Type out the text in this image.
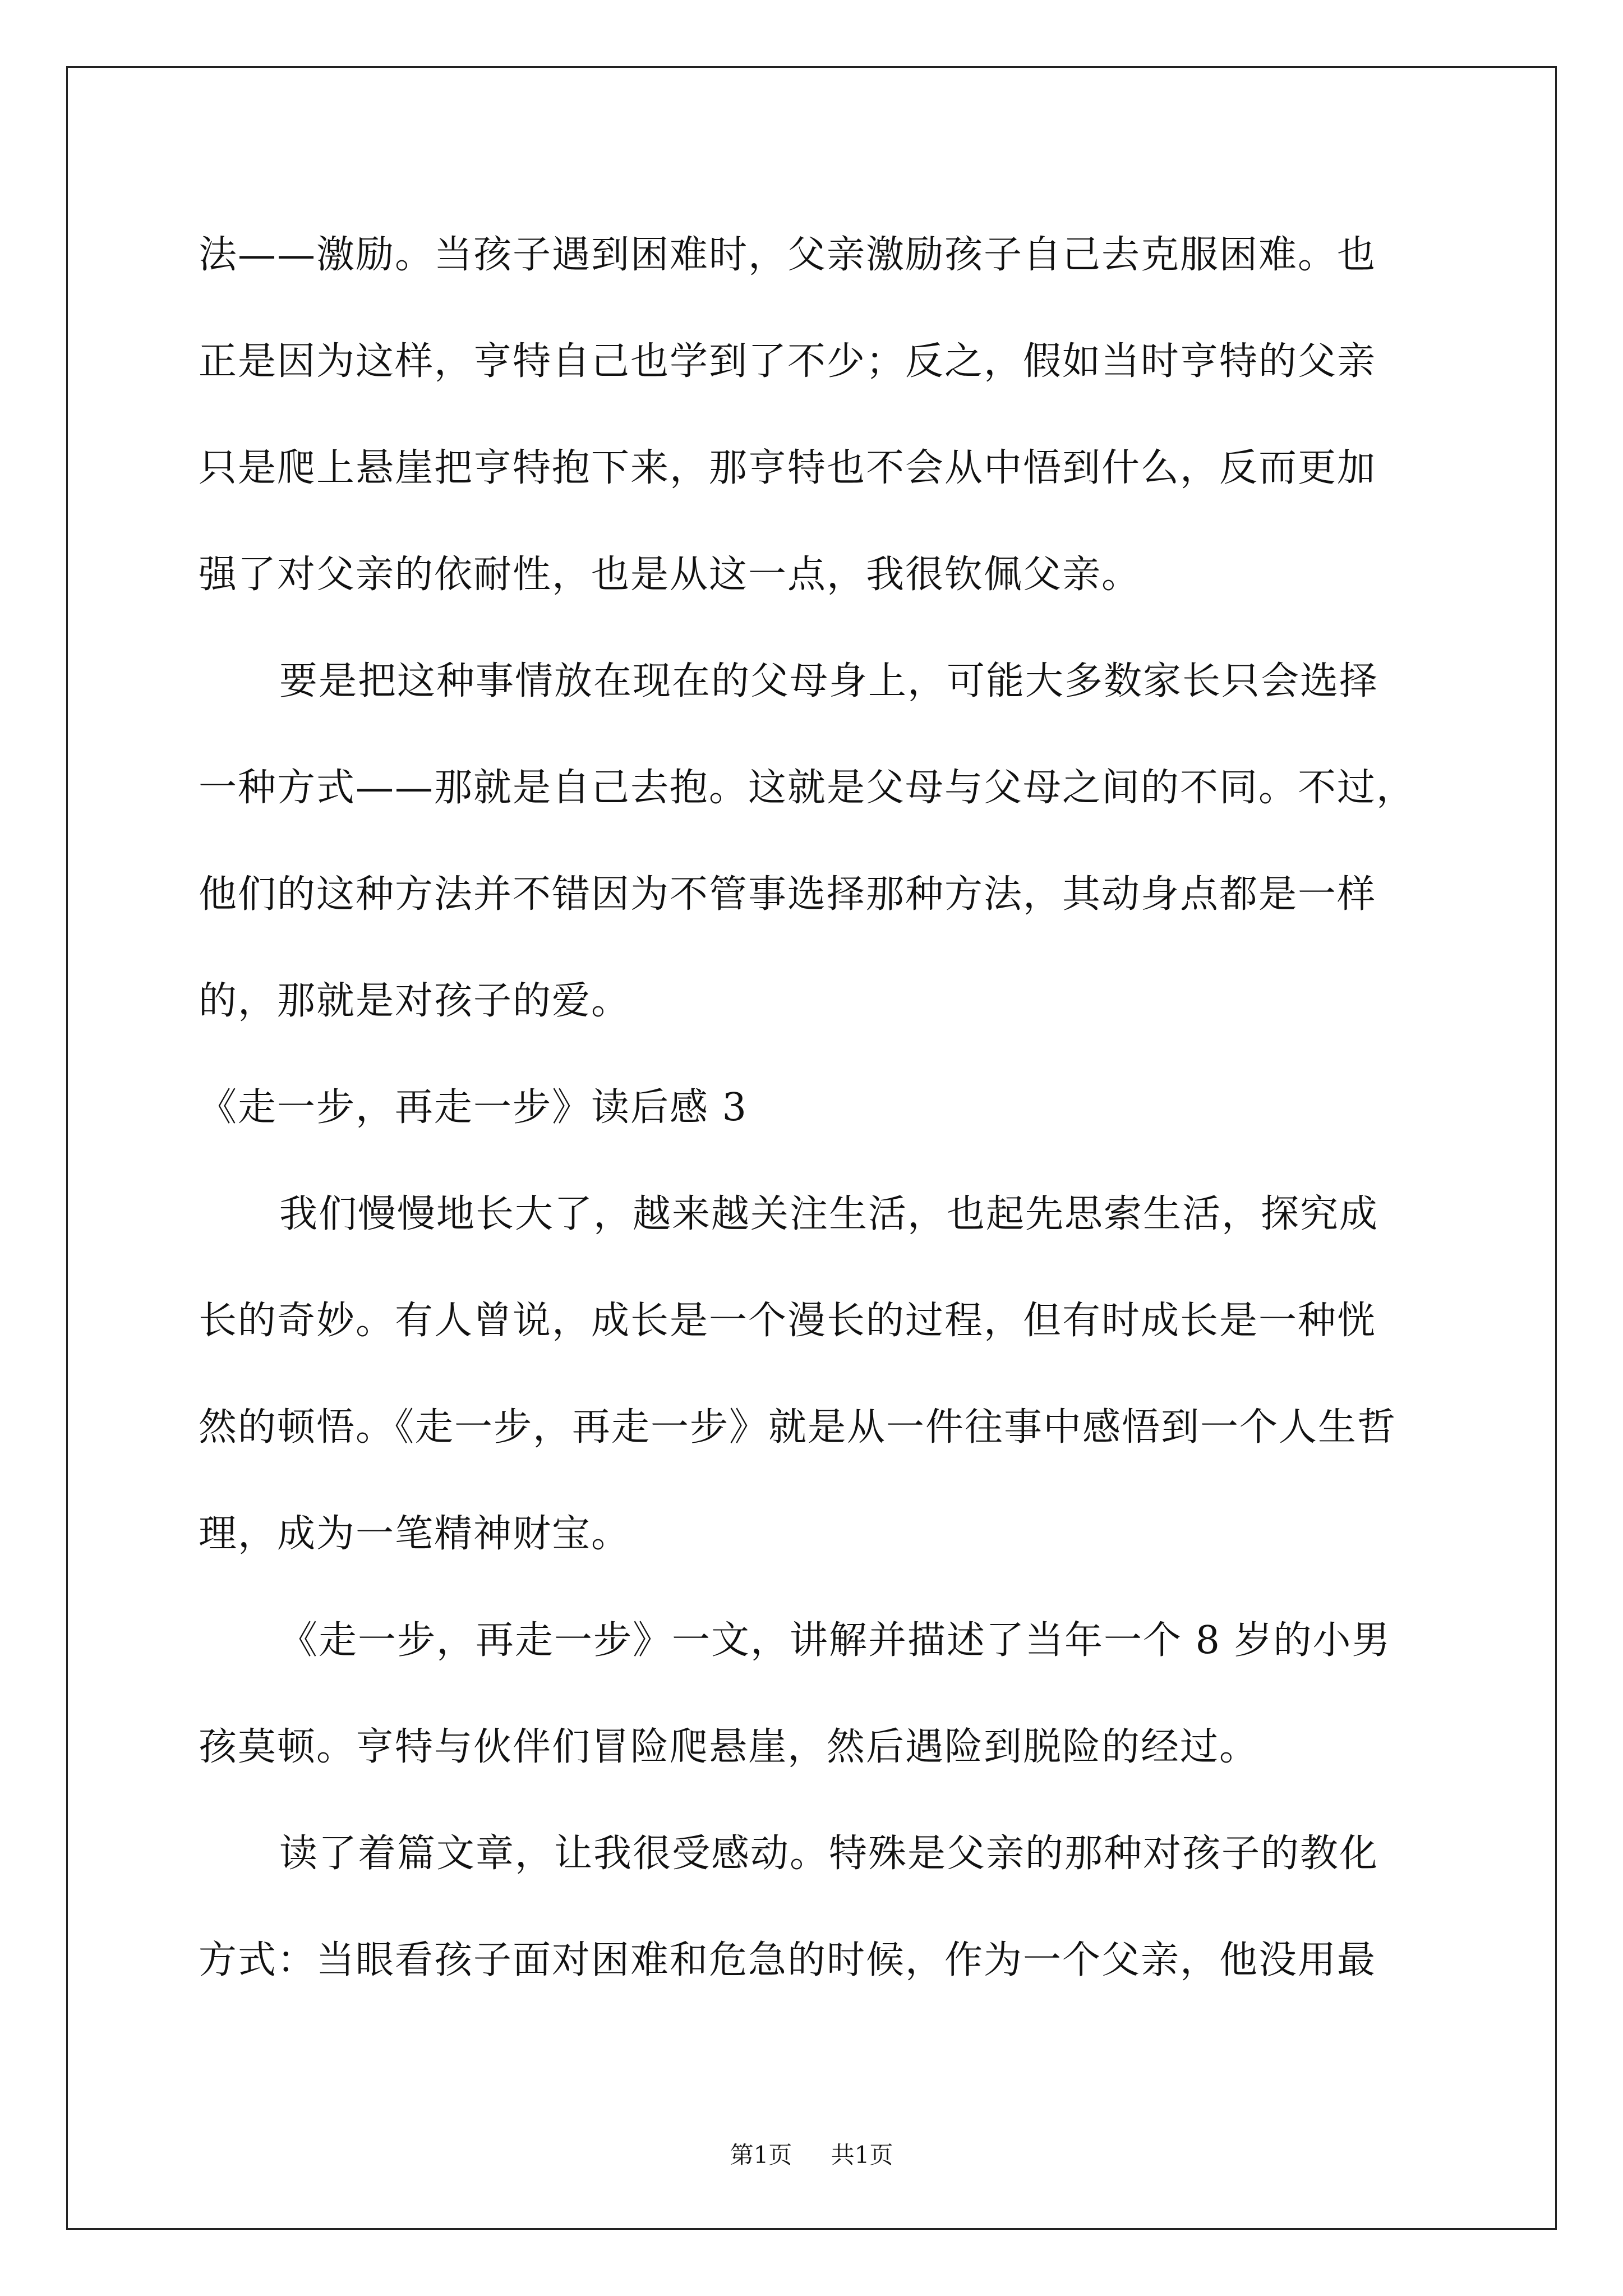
法——激励。当孩子遇到困难时，父亲激励孩子自己去克服困难。也
正是因为这样，亨特自己也学到了不少；反之，假如当时亨特的父亲
只是爬上悬崖把亨特抱下来，那亨特也不会从中悟到什么，反而更加
强了对父亲的依耐性，也是从这一点，我很钦佩父亲。
要是把这种事情放在现在的父母身上，可能大多数家长只会选择
一种方式——那就是自己去抱。这就是父母与父母之间的不同。不过，
他们的这种方法并不错因为不管事选择那种方法，其动身点都是一样
的，那就是对孩子的爱。
《走一步，再走一步》读后感 3
我们慢慢地长大了，越来越关注生活，也起先思索生活，探究成
长的奇妙。有人曾说，成长是一个漫长的过程，但有时成长是一种恍
然的顿悟。《走一步，再走一步》就是从一件往事中感悟到一个人生哲
理，成为一笔精神财宝。
《走一步，再走一步》一文，讲解并描述了当年一个 8 岁的小男
孩莫顿。亨特与伙伴们冒险爬悬崖，然后遇险到脱险的经过。
读了着篇文章，让我很受感动。特殊是父亲的那种对孩子的教化
方式：当眼看孩子面对困难和危急的时候，作为一个父亲，他没用最
第1页 共1页
